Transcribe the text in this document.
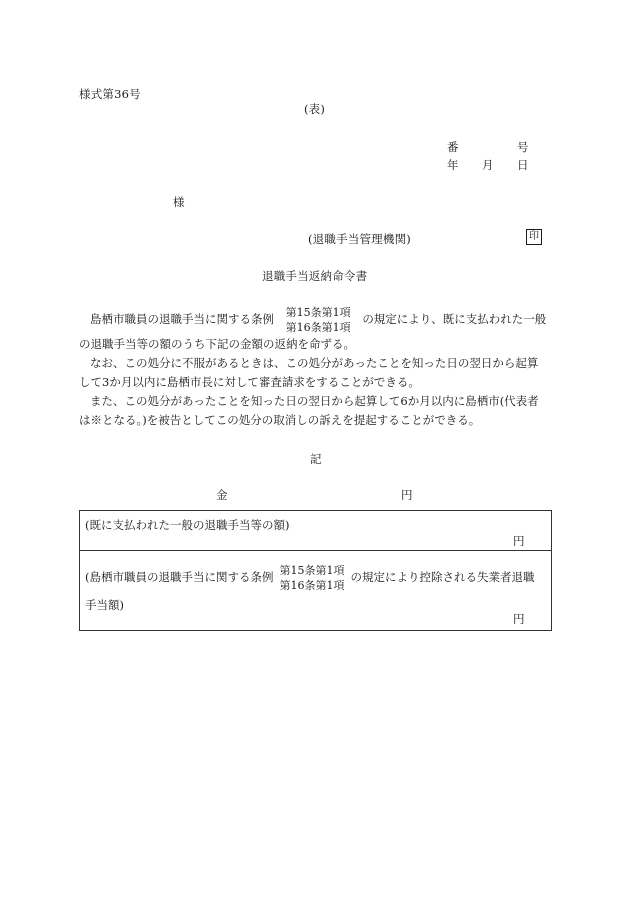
様式第36号
(表)
番	号
年 月 日
様
(退職手当管理機関)	印
退職手当返納命令書
島栖市職員の退職手当に関する条例 第15条第1項
第16条第1項
の規定により、既に支払われた一般
の退職手当等の額のうち下記の金額の返納を命ずる。
なお、この処分に不服があるときは、この処分があったことを知った日の翌日から起算
して3か月以内に島栖市長に対して審査請求をすることができる。
また、この処分があったことを知った日の翌日から起算して6か月以内に島栖市(代表者
は※となる。)を被告としてこの処分の取消しの訴えを提起することができる。
記
金	円
(既に支払われた一般の退職手当等の額)
円
(島栖市職員の退職手当に関する条例 第15条第1項
第16条第1項
の規定により控除される失業者退職
手当額)
円
